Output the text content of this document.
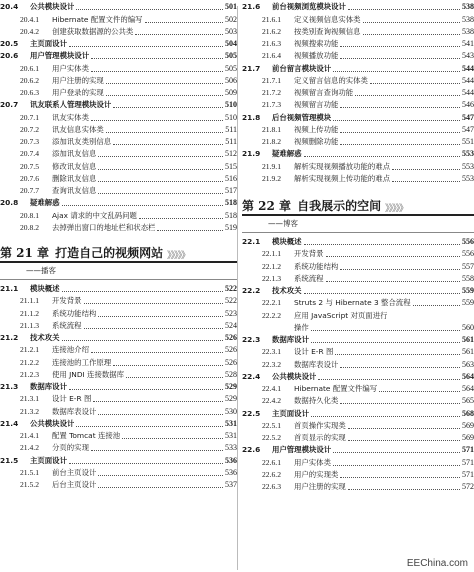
20.4	公共模块设计	501
20.4.1	Hibernate 配置文件的编写	502
20.4.2	创建获取数据源的公共类	503
20.5	主页面设计	504
20.6	用户管理模块设计	505
20.6.1	用户实体类	505
20.6.2	用户注册的实现	506
20.6.3	用户登录的实现	509
20.7	讯友联系人管理模块设计	510
20.7.1	讯友实体类	510
20.7.2	讯友信息实体类	511
20.7.3	添加讯友类别信息	511
20.7.4	添加讯友信息	512
20.7.5	修改讯友信息	515
20.7.6	删除讯友信息	516
20.7.7	查询讯友信息	517
20.8	疑难解惑	518
20.8.1	Ajax 请求的中文乱码问题	518
20.8.2	去掉弹出窗口的地址栏和状态栏	519
第 21 章 打造自己的视频网站 》》》》》
——播客
21.1	模块概述	522
21.1.1	开发背景	522
21.1.2	系统功能结构	523
21.1.3	系统流程	524
21.2	技术攻关	526
21.2.1	连接池介绍	526
21.2.2	连接池的工作原理	526
21.2.3	使用 JNDI 连接数据库	528
21.3	数据库设计	529
21.3.1	设计 E-R 图	529
21.3.2	数据库表设计	530
21.4	公共模块设计	531
21.4.1	配置 Tomcat 连接池	531
21.4.2	分页的实现	533
21.5	主页面设计	536
21.5.1	前台主页设计	536
21.5.2	后台主页设计	537
21.6	前台视频浏览模块设计	538
21.6.1	定义视频信息实体类	538
21.6.2	按类别查询视频信息	538
21.6.3	视频搜索功能	541
21.6.4	视频播放功能	543
21.7	前台留言模块设计	544
21.7.1	定义留言信息的实体类	544
21.7.2	视频留言查询功能	544
21.7.3	视频留言功能	546
21.8	后台视频管理模块	547
21.8.1	视频上传功能	547
21.8.2	视频删除功能	551
21.9	疑难解惑	553
21.9.1	解析实现视频播放功能的难点	553
21.9.2	解析实现视频上传功能的难点	553
第 22 章 自我展示的空间 》》》》》
——博客
22.1	模块概述	556
22.1.1	开发背景	556
22.1.2	系统功能结构	557
22.1.3	系统流程	558
22.2	技术攻关	559
22.2.1	Struts 2 与 Hibernate 3 整合流程	559
22.2.2	应用 JavaScript 对页面进行
操作	560
22.3	数据库设计	561
22.3.1	设计 E-R 图	561
22.3.2	数据库表设计	563
22.4	公共模块设计	564
22.4.1	Hibernate 配置文件编写	564
22.4.2	数据持久化类	565
22.5	主页面设计	568
22.5.1	首页操作实现类	569
22.5.2	首页显示的实现	569
22.6	用户管理模块设计	571
22.6.1	用户实体类	571
22.6.2	用户的实现类	571
22.6.3	用户注册的实现	572
EEChina.com
